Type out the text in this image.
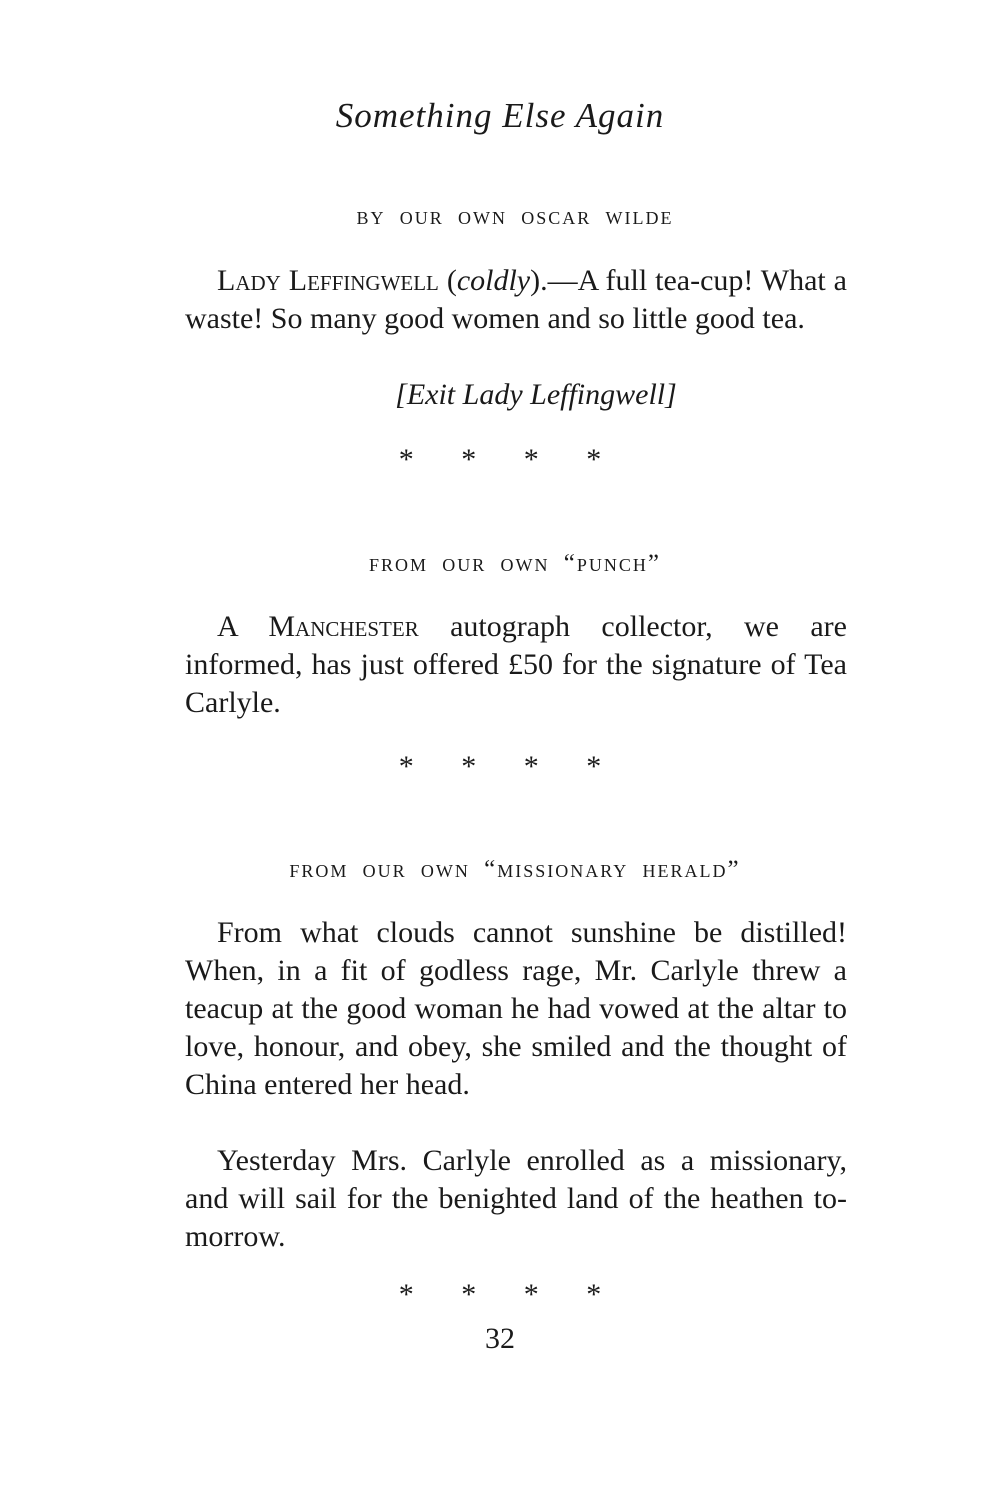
Something Else Again
by our own oscar wilde
Lady Leffingwell (coldly).—A full tea-cup! What a waste! So many good women and so little good tea.
[Exit Lady Leffingwell]
* * * *
from our own “punch”
A Manchester autograph collector, we are informed, has just offered £50 for the signature of Tea Carlyle.
* * * *
from our own “missionary herald”
From what clouds cannot sunshine be distilled! When, in a fit of godless rage, Mr. Carlyle threw a teacup at the good woman he had vowed at the altar to love, honour, and obey, she smiled and the thought of China entered her head.
Yesterday Mrs. Carlyle enrolled as a missionary, and will sail for the benighted land of the heathen to-morrow.
* * * *
32
